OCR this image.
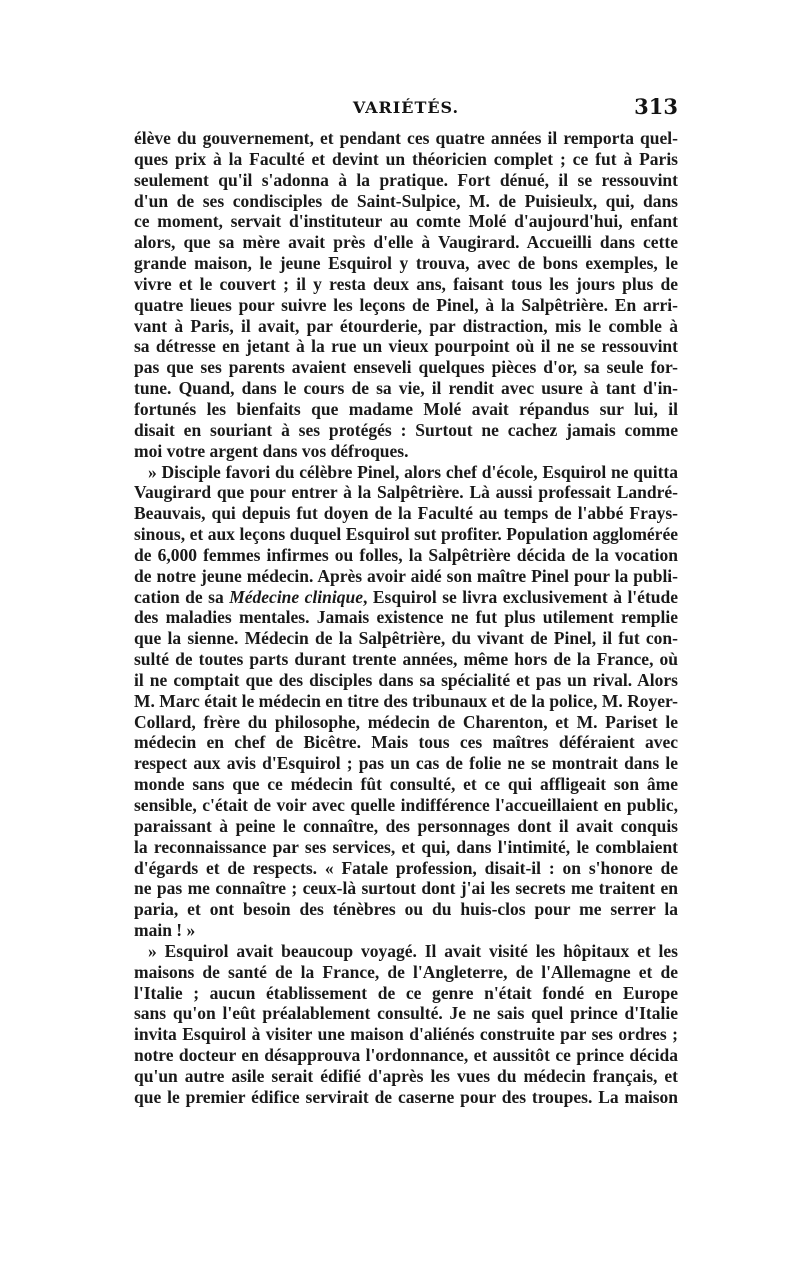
VARIÉTÉS.	313
élève du gouvernement, et pendant ces quatre années il remporta quel-
ques prix à la Faculté et devint un théoricien complet ; ce fut à Paris
seulement qu'il s'adonna à la pratique. Fort dénué, il se ressouvint
d'un de ses condisciples de Saint-Sulpice, M. de Puisieulx, qui, dans
ce moment, servait d'instituteur au comte Molé d'aujourd'hui, enfant
alors, que sa mère avait près d'elle à Vaugirard. Accueilli dans cette
grande maison, le jeune Esquirol y trouva, avec de bons exemples, le
vivre et le couvert ; il y resta deux ans, faisant tous les jours plus de
quatre lieues pour suivre les leçons de Pinel, à la Salpêtrière. En arri-
vant à Paris, il avait, par étourderie, par distraction, mis le comble à
sa détresse en jetant à la rue un vieux pourpoint où il ne se ressouvint
pas que ses parents avaient enseveli quelques pièces d'or, sa seule for-
tune. Quand, dans le cours de sa vie, il rendit avec usure à tant d'in-
fortunés les bienfaits que madame Molé avait répandus sur lui, il
disait en souriant à ses protégés : Surtout ne cachez jamais comme
moi votre argent dans vos défroques.
» Disciple favori du célèbre Pinel, alors chef d'école, Esquirol ne quitta
Vaugirard que pour entrer à la Salpêtrière. Là aussi professait Landré-
Beauvais, qui depuis fut doyen de la Faculté au temps de l'abbé Frays-
sinous, et aux leçons duquel Esquirol sut profiter. Population agglomérée
de 6,000 femmes infirmes ou folles, la Salpêtrière décida de la vocation
de notre jeune médecin. Après avoir aidé son maître Pinel pour la publi-
cation de sa Médecine clinique, Esquirol se livra exclusivement à l'étude
des maladies mentales. Jamais existence ne fut plus utilement remplie
que la sienne. Médecin de la Salpêtrière, du vivant de Pinel, il fut con-
sulté de toutes parts durant trente années, même hors de la France, où
il ne comptait que des disciples dans sa spécialité et pas un rival. Alors
M. Marc était le médecin en titre des tribunaux et de la police, M. Royer-
Collard, frère du philosophe, médecin de Charenton, et M. Pariset le
médecin en chef de Bicêtre. Mais tous ces maîtres déféraient avec
respect aux avis d'Esquirol ; pas un cas de folie ne se montrait dans le
monde sans que ce médecin fût consulté, et ce qui affligeait son âme
sensible, c'était de voir avec quelle indifférence l'accueillaient en public,
paraissant à peine le connaître, des personnages dont il avait conquis
la reconnaissance par ses services, et qui, dans l'intimité, le comblaient
d'égards et de respects. « Fatale profession, disait-il : on s'honore de
ne pas me connaître ; ceux-là surtout dont j'ai les secrets me traitent en
paria, et ont besoin des ténèbres ou du huis-clos pour me serrer la
main ! »
» Esquirol avait beaucoup voyagé. Il avait visité les hôpitaux et les
maisons de santé de la France, de l'Angleterre, de l'Allemagne et de
l'Italie ; aucun établissement de ce genre n'était fondé en Europe
sans qu'on l'eût préalablement consulté. Je ne sais quel prince d'Italie
invita Esquirol à visiter une maison d'aliénés construite par ses ordres ;
notre docteur en désapprouva l'ordonnance, et aussitôt ce prince décida
qu'un autre asile serait édifié d'après les vues du médecin français, et
que le premier édifice servirait de caserne pour des troupes. La maison
